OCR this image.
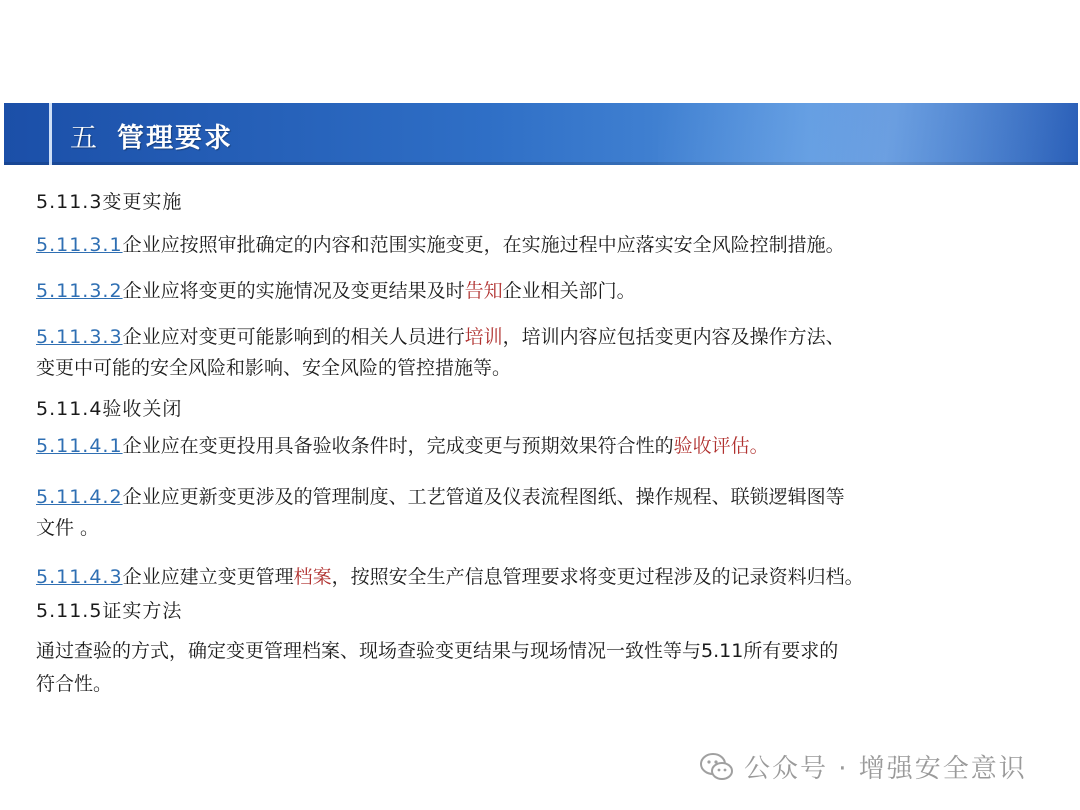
五 管理要求

5.11.3变更实施

5.11.3.1企业应按照审批确定的内容和范围实施变更，在实施过程中应落实安全风险控制措施。

5.11.3.2企业应将变更的实施情况及变更结果及时告知企业相关部门。

5.11.3.3企业应对变更可能影响到的相关人员进行培训，培训内容应包括变更内容及操作方法、

变更中可能的安全风险和影响、安全风险的管控措施等。

5.11.4验收关闭

5.11.4.1企业应在变更投用具备验收条件时，完成变更与预期效果符合性的验收评估。

5.11.4.2企业应更新变更涉及的管理制度、工艺管道及仪表流程图纸、操作规程、联锁逻辑图等

文件 。

5.11.4.3企业应建立变更管理档案，按照安全生产信息管理要求将变更过程涉及的记录资料归档。

5.11.5证实方法

通过查验的方式，确定变更管理档案、现场查验变更结果与现场情况一致性等与5.11所有要求的

符合性。

公众号 · 增强安全意识
